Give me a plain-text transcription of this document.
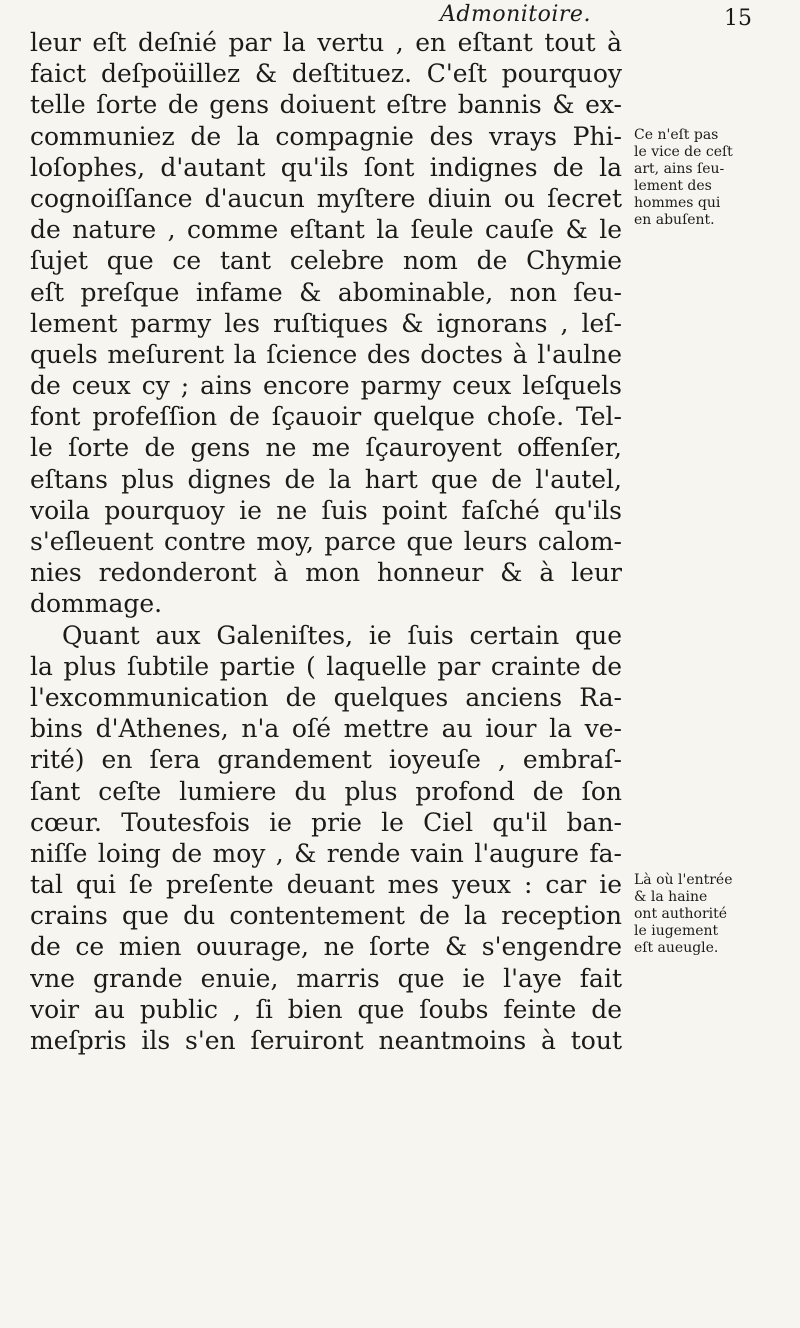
Admonitoire.	15
leur eſt deſnié par la vertu , en eſtant tout à
faict deſpoüillez & deſtituez. C'eſt pourquoy
telle ſorte de gens doiuent eſtre bannis & ex-
communiez de la compagnie des vrays Phi-
loſophes, d'autant qu'ils ſont indignes de la
cognoiſſance d'aucun myſtere diuin ou ſecret
de nature , comme eſtant la ſeule cauſe & le
ſujet que ce tant celebre nom de Chymie
eſt preſque infame & abominable, non ſeu-
lement parmy les ruſtiques & ignorans , leſ-
quels meſurent la ſcience des doctes à l'aulne
de ceux cy ; ains encore parmy ceux leſquels
font profeſſion de ſçauoir quelque choſe. Tel-
le ſorte de gens ne me ſçauroyent offenſer,
eſtans plus dignes de la hart que de l'autel,
voila pourquoy ie ne ſuis point faſché qu'ils
s'eſleuent contre moy, parce que leurs calom-
nies redonderont à mon honneur & à leur
dommage.
Quant aux Galeniſtes, ie ſuis certain que
la plus ſubtile partie ( laquelle par crainte de
l'excommunication de quelques anciens Ra-
bins d'Athenes, n'a oſé mettre au iour la ve-
rité) en ſera grandement ioyeuſe , embraſ-
ſant ceſte lumiere du plus profond de ſon
cœur. Toutesfois ie prie le Ciel qu'il ban-
niſſe loing de moy , & rende vain l'augure fa-
tal qui ſe preſente deuant mes yeux : car ie
crains que du contentement de la reception
de ce mien ouurage, ne ſorte & s'engendre
vne grande enuie, marris que ie l'aye fait
voir au public , ſi bien que ſoubs feinte de
meſpris ils s'en ſeruiront neantmoins à tout
Ce n'eſt pas
le vice de ceſt
art, ains ſeu-
lement des
hommes qui
en abuſent.
Là où l'entrée
& la haine
ont authorité
le iugement
eſt aueugle.
